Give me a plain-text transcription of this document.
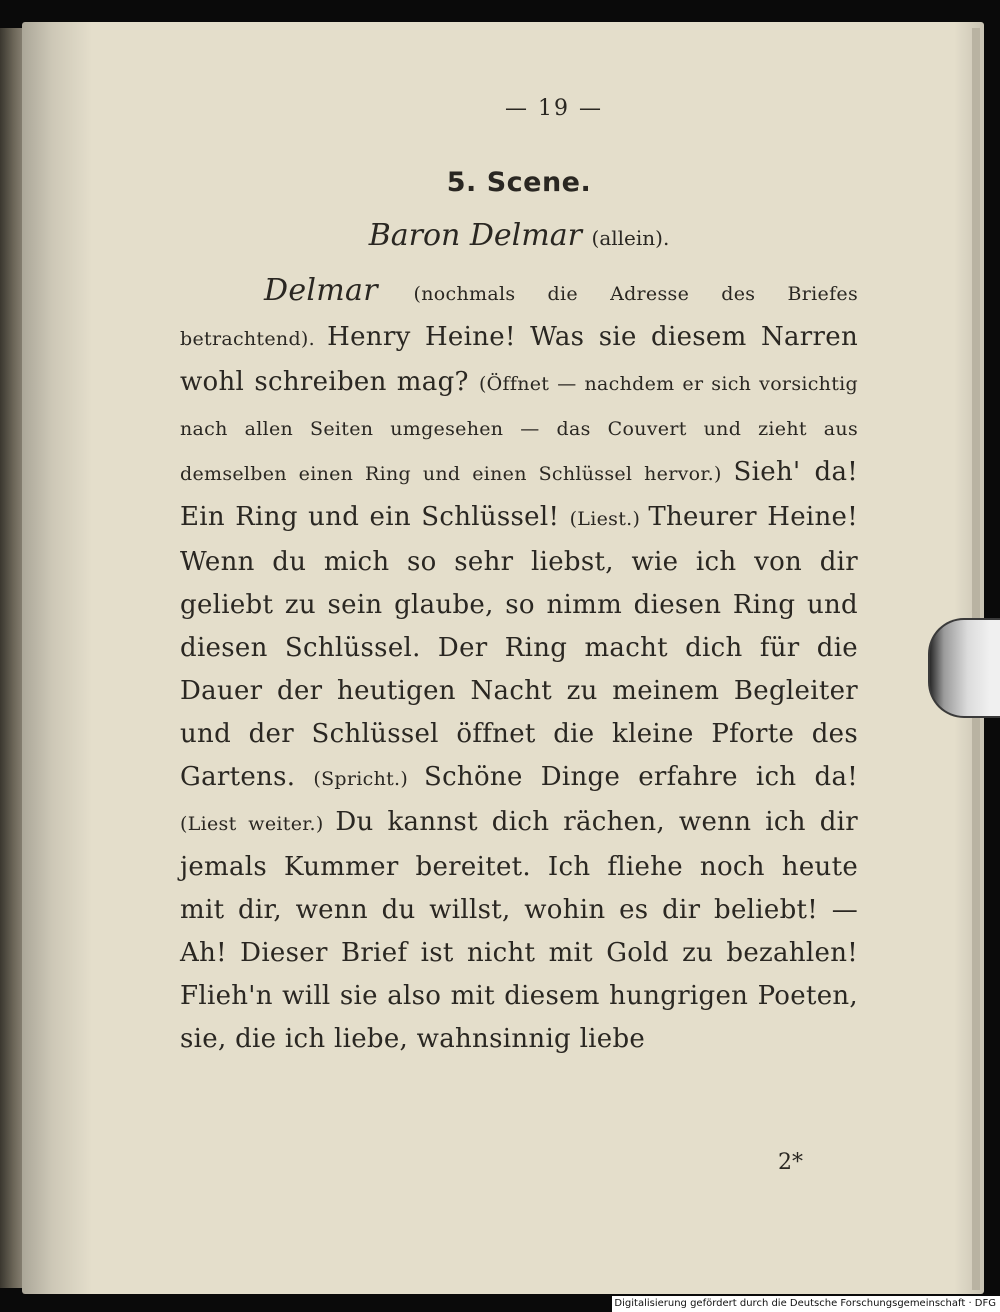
— 19 —
5. Scene.
Baron Delmar (allein).

Delmar (nochmals die Adresse des Briefes betrachtend). Henry Heine! Was sie diesem Narren wohl schreiben mag? (Öffnet — nachdem er sich vorsichtig nach allen Seiten umgesehen — das Couvert und zieht aus demselben einen Ring und einen Schlüssel hervor.) Sieh' da! Ein Ring und ein Schlüssel! (Liest.) Theurer Heine! Wenn du mich so sehr liebst, wie ich von dir geliebt zu sein glaube, so nimm diesen Ring und diesen Schlüssel. Der Ring macht dich für die Dauer der heutigen Nacht zu meinem Begleiter und der Schlüssel öffnet die kleine Pforte des Gartens. (Spricht.) Schöne Dinge erfahre ich da! (Liest weiter.) Du kannst dich rächen, wenn ich dir jemals Kummer bereitet. Ich fliehe noch heute mit dir, wenn du willst, wohin es dir beliebt! — Ah! Dieser Brief ist nicht mit Gold zu bezahlen! Flieh'n will sie also mit diesem hungrigen Poeten, sie, die ich liebe, wahnsinnig liebe

2*
Digitalisierung gefördert durch die Deutsche Forschungsgemeinschaft · DFG
